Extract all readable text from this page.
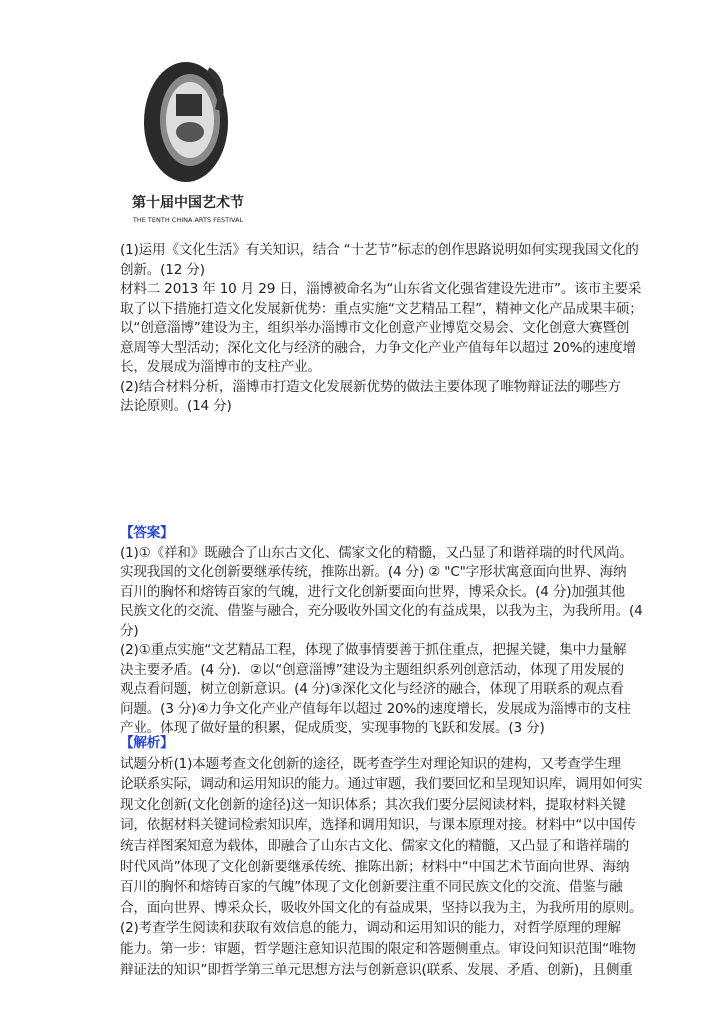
第十届中国艺术节
THE TENTH CHINA ARTS FESTIVAL
(1)运用《文化生活》有关知识，结合 “十艺节”标志的创作思路说明如何实现我国文化的
创新。(12 分)
材料二 2013 年 10 月 29 日，淄博被命名为“山东省文化强省建设先进市”。该市主要采
取了以下措施打造文化发展新优势：重点实施“文艺精品工程”，精神文化产品成果丰硕；
以“创意淄博”建设为主，组织举办淄博市文化创意产业博览交易会、文化创意大赛暨创
意周等大型活动；深化文化与经济的融合，力争文化产业产值每年以超过 20%的速度增
长，发展成为淄博市的支柱产业。
(2)结合材料分析，淄博市打造文化发展新优势的做法主要体现了唯物辩证法的哪些方
法论原则。(14 分)
【答案】
(1)①《祥和》既融合了山东古文化、儒家文化的精髓，又凸显了和谐祥瑞的时代风尚。
实现我国的文化创新要继承传统，推陈出新。(4 分) ② "C"字形状寓意面向世界、海纳
百川的胸怀和熔铸百家的气魄，进行文化创新要面向世界，博采众长。(4 分)加强其他
民族文化的交流、借鉴与融合，充分吸收外国文化的有益成果，以我为主，为我所用。(4
分)
(2)①重点实施“文艺精品工程，体现了做事情要善于抓住重点，把握关键，集中力量解
决主要矛盾。(4 分)．②以“创意淄博”建设为主题组织系列创意活动，体现了用发展的
观点看问题，树立创新意识。(4 分)③深化文化与经济的融合，体现了用联系的观点看
问题。(3 分)④力争文化产业产值每年以超过 20%的速度增长，发展成为淄博市的支柱
产业。体现了做好量的积累，促成质变，实现事物的飞跃和发展。(3 分)
【解析】
试题分析(1)本题考查文化创新的途径，既考查学生对理论知识的建构，又考查学生理
论联系实际，调动和运用知识的能力。通过审题，我们要回忆和呈现知识库，调用如何实
现文化创新(文化创新的途径)这一知识体系；其次我们要分层阅读材料，提取材料关键
词，依据材料关键词检索知识库，选择和调用知识，与课本原理对接。材料中“以中国传
统吉祥图案知意为载体，即融合了山东古文化、儒家文化的精髓，又凸显了和谐祥瑞的
时代风尚”体现了文化创新要继承传统、推陈出新；材料中“中国艺术节面向世界、海纳
百川的胸怀和熔铸百家的气魄”体现了文化创新要注重不同民族文化的交流、借鉴与融
合，面向世界、博采众长，吸收外国文化的有益成果，坚持以我为主，为我所用的原则。
(2)考查学生阅读和获取有效信息的能力，调动和运用知识的能力，对哲学原理的理解
能力。第一步：审题，哲学题注意知识范围的限定和答题侧重点。审设问知识范围“唯物
辩证法的知识”即哲学第三单元思想方法与创新意识(联系、发展、矛盾、创新)，且侧重
